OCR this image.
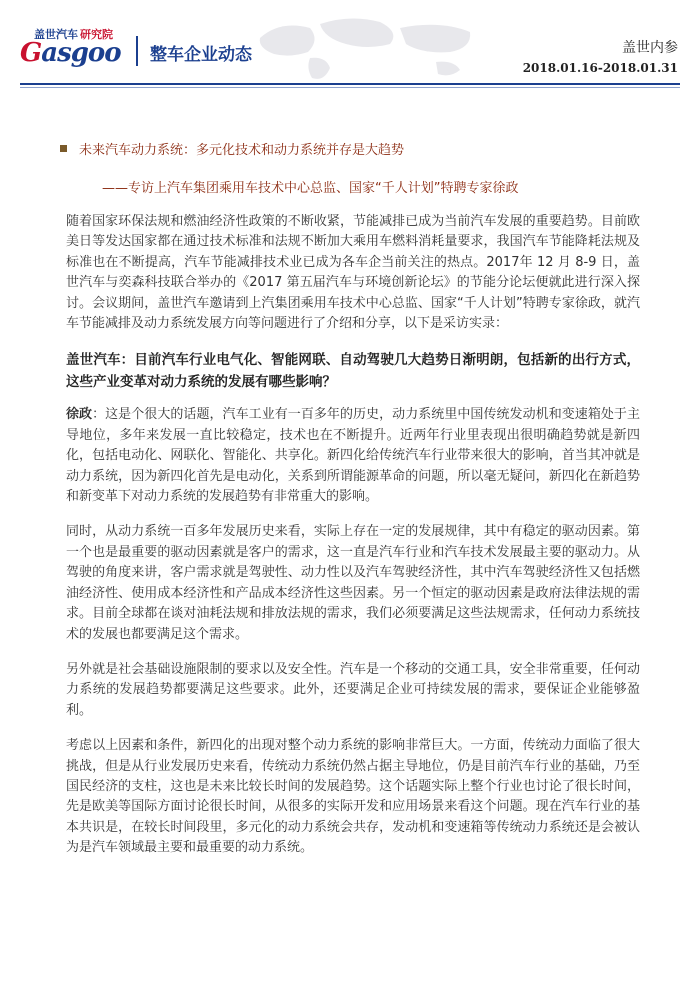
盖世汽车 研究院
Gasgoo 整车企业动态	盖世内参
2018.01.16-2018.01.31
未来汽车动力系统：多元化技术和动力系统并存是大趋势
——专访上汽车集团乘用车技术中心总监、国家“千人计划”特聘专家徐政

随着国家环保法规和燃油经济性政策的不断收紧，节能减排已成为当前汽车发展的重要趋势。目前欧美日等发达国家都在通过技术标准和法规不断加大乘用车燃料消耗量要求，我国汽车节能降耗法规及标准也在不断提高，汽车节能减排技术业已成为各车企当前关注的热点。2017年 12 月 8-9 日，盖世汽车与奕森科技联合举办的《2017 第五届汽车与环境创新论坛》的节能分论坛便就此进行深入探讨。会议期间，盖世汽车邀请到上汽集团乘用车技术中心总监、国家“千人计划”特聘专家徐政，就汽车节能减排及动力系统发展方向等问题进行了介绍和分享，以下是采访实录：

盖世汽车：目前汽车行业电气化、智能网联、自动驾驶几大趋势日渐明朗，包括新的出行方式，这些产业变革对动力系统的发展有哪些影响？

徐政：这是个很大的话题，汽车工业有一百多年的历史，动力系统里中国传统发动机和变速箱处于主导地位，多年来发展一直比较稳定，技术也在不断提升。近两年行业里表现出很明确趋势就是新四化，包括电动化、网联化、智能化、共享化。新四化给传统汽车行业带来很大的影响，首当其冲就是动力系统，因为新四化首先是电动化，关系到所谓能源革命的问题，所以毫无疑问，新四化在新趋势和新变革下对动力系统的发展趋势有非常重大的影响。

同时，从动力系统一百多年发展历史来看，实际上存在一定的发展规律，其中有稳定的驱动因素。第一个也是最重要的驱动因素就是客户的需求，这一直是汽车行业和汽车技术发展最主要的驱动力。从驾驶的角度来讲，客户需求就是驾驶性、动力性以及汽车驾驶经济性，其中汽车驾驶经济性又包括燃油经济性、使用成本经济性和产品成本经济性这些因素。另一个恒定的驱动因素是政府法律法规的需求。目前全球都在谈对油耗法规和排放法规的需求，我们必须要满足这些法规需求，任何动力系统技术的发展也都要满足这个需求。

另外就是社会基础设施限制的要求以及安全性。汽车是一个移动的交通工具，安全非常重要，任何动力系统的发展趋势都要满足这些要求。此外，还要满足企业可持续发展的需求，要保证企业能够盈利。

考虑以上因素和条件，新四化的出现对整个动力系统的影响非常巨大。一方面，传统动力面临了很大挑战，但是从行业发展历史来看，传统动力系统仍然占据主导地位，仍是目前汽车行业的基础，乃至国民经济的支柱，这也是未来比较长时间的发展趋势。这个话题实际上整个行业也讨论了很长时间，先是欧美等国际方面讨论很长时间，从很多的实际开发和应用场景来看这个问题。现在汽车行业的基本共识是，在较长时间段里，多元化的动力系统会共存，发动机和变速箱等传统动力系统还是会被认为是汽车领域最主要和最重要的动力系统。
